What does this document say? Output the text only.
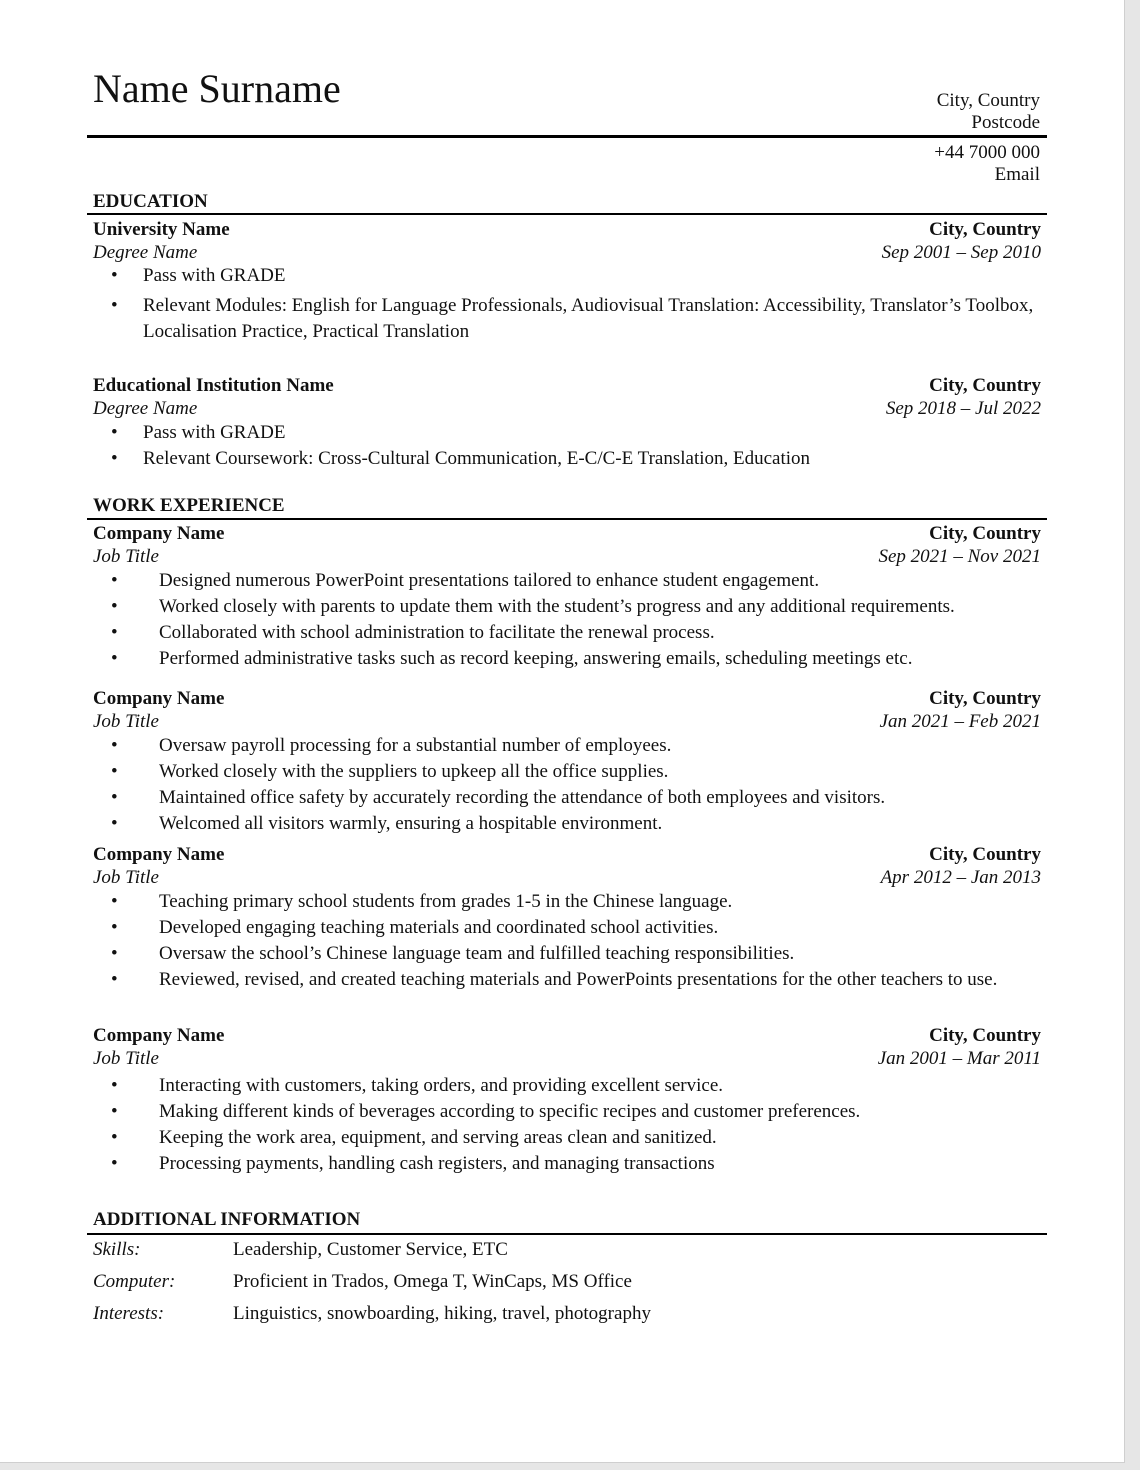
Name Surname	City, Country
Postcode
+44 7000 000
Email
EDUCATION
University Name	City, Country
Degree Name	Sep 2001 – Sep 2010
• Pass with GRADE
• Relevant Modules: English for Language Professionals, Audiovisual Translation: Accessibility, Translator’s Toolbox, Localisation Practice, Practical Translation
Educational Institution Name	City, Country
Degree Name	Sep 2018 – Jul 2022
• Pass with GRADE
• Relevant Coursework: Cross-Cultural Communication, E-C/C-E Translation, Education
WORK EXPERIENCE
Company Name	City, Country
Job Title	Sep 2021 – Nov 2021
• Designed numerous PowerPoint presentations tailored to enhance student engagement.
• Worked closely with parents to update them with the student’s progress and any additional requirements.
• Collaborated with school administration to facilitate the renewal process.
• Performed administrative tasks such as record keeping, answering emails, scheduling meetings etc.
Company Name	City, Country
Job Title	Jan 2021 – Feb 2021
• Oversaw payroll processing for a substantial number of employees.
• Worked closely with the suppliers to upkeep all the office supplies.
• Maintained office safety by accurately recording the attendance of both employees and visitors.
• Welcomed all visitors warmly, ensuring a hospitable environment.
Company Name	City, Country
Job Title	Apr 2012 – Jan 2013
• Teaching primary school students from grades 1-5 in the Chinese language.
• Developed engaging teaching materials and coordinated school activities.
• Oversaw the school’s Chinese language team and fulfilled teaching responsibilities.
• Reviewed, revised, and created teaching materials and PowerPoints presentations for the other teachers to use.
Company Name	City, Country
Job Title	Jan 2001 – Mar 2011
• Interacting with customers, taking orders, and providing excellent service.
• Making different kinds of beverages according to specific recipes and customer preferences.
• Keeping the work area, equipment, and serving areas clean and sanitized.
• Processing payments, handling cash registers, and managing transactions
ADDITIONAL INFORMATION
Skills:	Leadership, Customer Service, ETC
Computer:	Proficient in Trados, Omega T, WinCaps, MS Office
Interests:	Linguistics, snowboarding, hiking, travel, photography
